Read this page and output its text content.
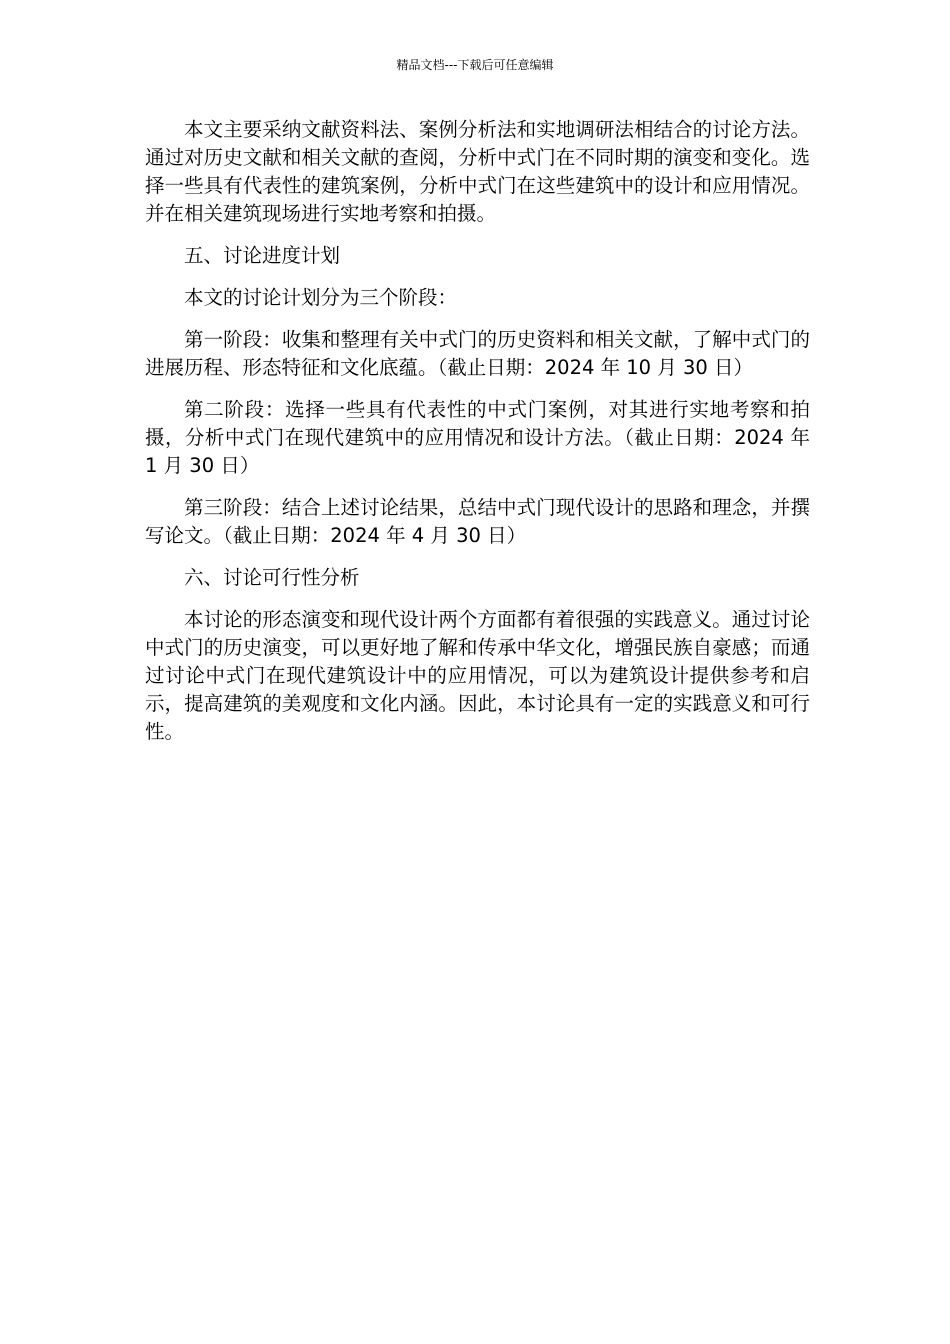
精品文档---下载后可任意编辑

本文主要采纳文献资料法、案例分析法和实地调研法相结合的讨论方法。通过对历史文献和相关文献的查阅，分析中式门在不同时期的演变和变化。选择一些具有代表性的建筑案例，分析中式门在这些建筑中的设计和应用情况。并在相关建筑现场进行实地考察和拍摄。

五、讨论进度计划

本文的讨论计划分为三个阶段：

第一阶段：收集和整理有关中式门的历史资料和相关文献，了解中式门的进展历程、形态特征和文化底蕴。（截止日期：2024 年 10 月 30 日）

第二阶段：选择一些具有代表性的中式门案例，对其进行实地考察和拍摄，分析中式门在现代建筑中的应用情况和设计方法。（截止日期：2024 年 1 月 30 日）

第三阶段：结合上述讨论结果，总结中式门现代设计的思路和理念，并撰写论文。（截止日期：2024 年 4 月 30 日）

六、讨论可行性分析

本讨论的形态演变和现代设计两个方面都有着很强的实践意义。通过讨论中式门的历史演变，可以更好地了解和传承中华文化，增强民族自豪感；而通过讨论中式门在现代建筑设计中的应用情况，可以为建筑设计提供参考和启示，提高建筑的美观度和文化内涵。因此，本讨论具有一定的实践意义和可行性。
